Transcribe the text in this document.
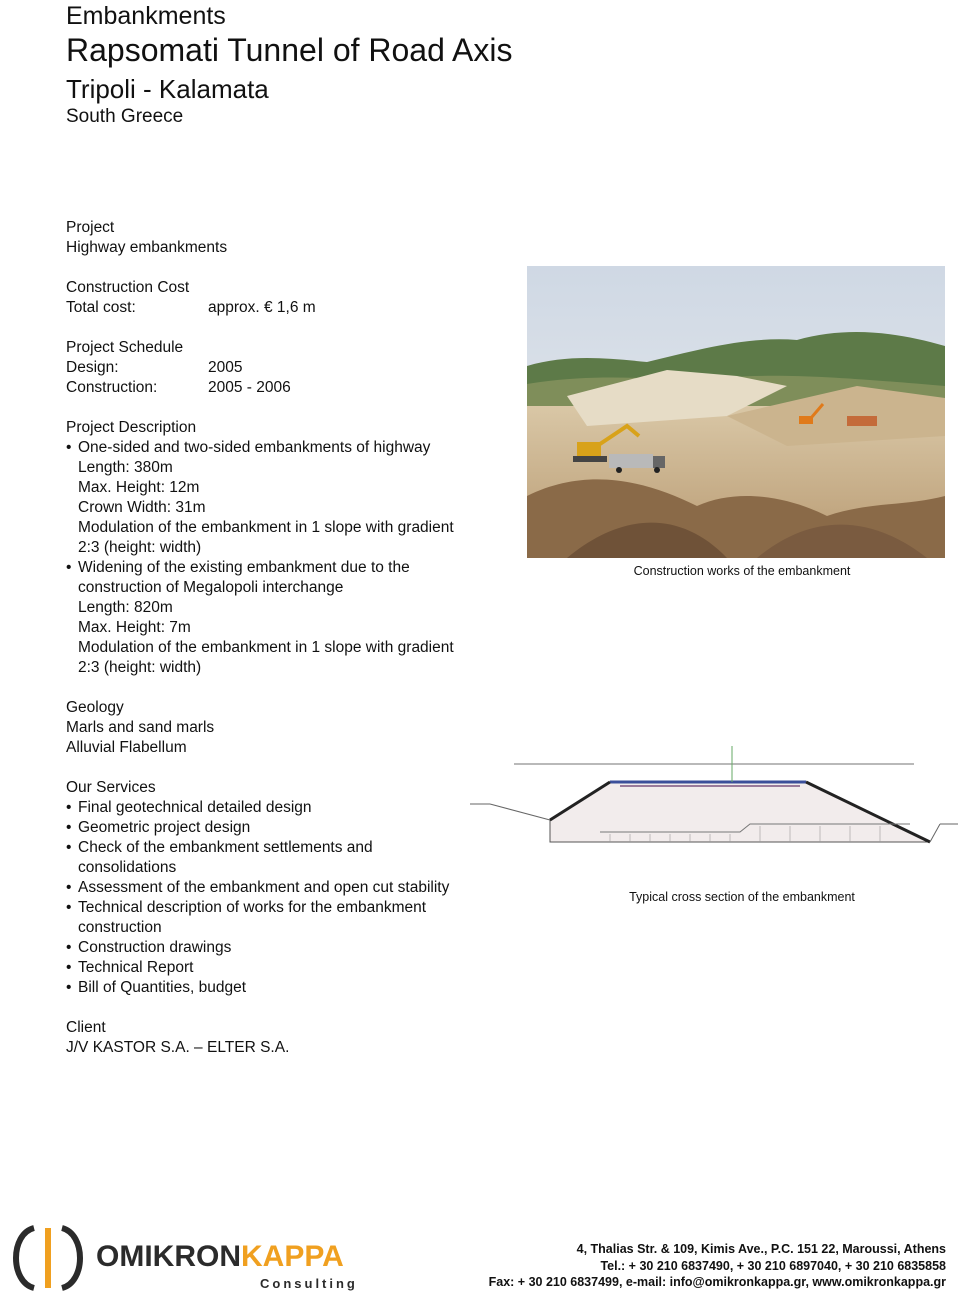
Embankments
Rapsomati Tunnel of Road Axis
Tripoli - Kalamata
South Greece
Project
Highway embankments
Construction Cost
Total cost:	approx. € 1,6 m
Project Schedule
Design:	2005
Construction:	2005 - 2006
Project Description
• One-sided and two-sided embankments of highway
Length: 380m
Max. Height: 12m
Crown Width: 31m
Modulation of the embankment in 1 slope with gradient
2:3 (height: width)
• Widening of the existing embankment due to the
construction of Megalopoli interchange
Length: 820m
Max. Height: 7m
Modulation of the embankment in 1 slope with gradient
2:3 (height: width)
Geology
Marls and sand marls
Alluvial Flabellum
Our Services
• Final geotechnical detailed design
• Geometric project design
• Check of the embankment settlements and
consolidations
• Assessment of the embankment and open cut stability
• Technical description of works for the embankment
construction
• Construction drawings
• Technical Report
• Bill of Quantities, budget
Client
J/V KASTOR S.A. – ELTER S.A.
Construction works of the embankment
Typical cross section of the embankment
OMIKRON KAPPA
Consulting
4, Thalias Str. & 109, Kimis Ave., P.C. 151 22, Maroussi, Athens
Tel.: + 30 210 6837490, + 30 210 6897040, + 30 210 6835858
Fax: + 30 210 6837499, e-mail: info@omikronkappa.gr, www.omikronkappa.gr
